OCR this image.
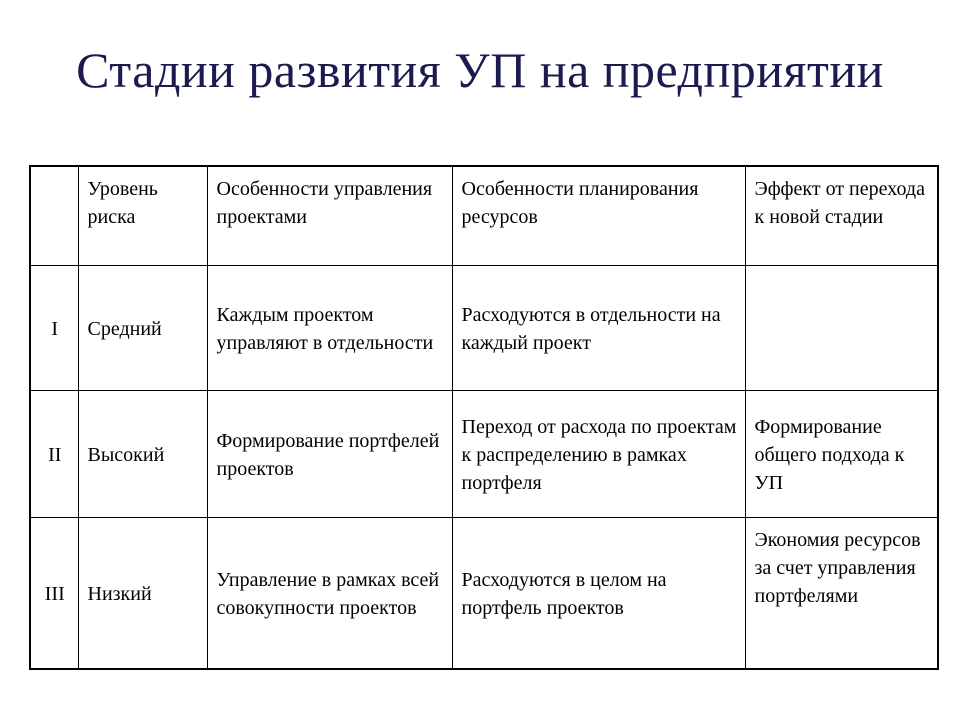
Стадии развития УП на предприятии
	Уровень риска	Особенности управления проектами	Особенности планирования ресурсов	Эффект от перехода к новой стадии
I	Средний	Каждым проектом управляют в отдельности	Расходуются в отдельности на каждый проект	
II	Высокий	Формирование портфелей проектов	Переход от расхода по проектам к распределению в рамках портфеля	Формирование общего подхода к УП
III	Низкий	Управление в рамках всей совокупности проектов	Расходуются в целом на портфель проектов	Экономия ресурсов за счет управления портфелями
